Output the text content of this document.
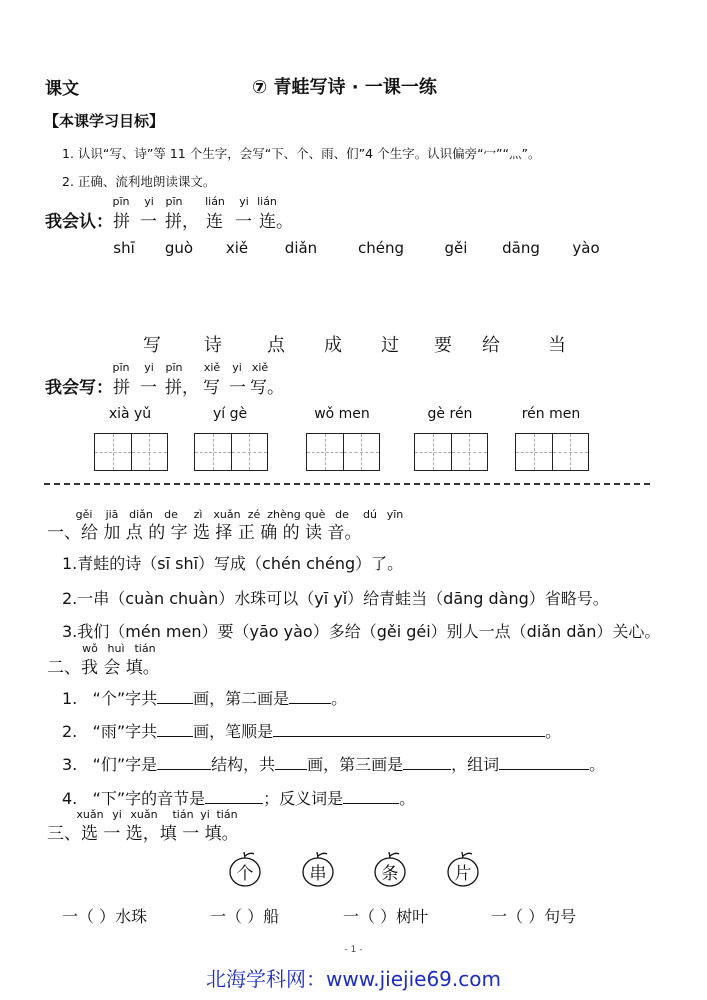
课文	⑦ 青蛙写诗 · 一课一练
【本课学习目标】
1. 认识“写、诗”等 11 个生字，会写“下、个、雨、们”4 个生字。认识偏旁“冖”“灬”。
2. 正确、流利地朗读课文。
pīn	yi	pīn	lián	yi lián
我会认： 拼 一 拼， 连 一 连。
shī	guò	xiě	diǎn	chéng	gěi	dāng	yào
写 诗	点 成 过 要 给	当
pīn	yi	pīn	xiě	yi xiě
我会写： 拼 一 拼， 写 一 写。
xià yǔ	yí gè	wǒ men	gè rén	rén men
gěi	jiā diǎn	de	zì xuǎn zé zhèng què de	dú yīn
一、给 加 点 的 字 选 择 正 确 的 读 音。
1.青蛙的诗（sī shī）写成（chén chéng）了。
2.一串（cuàn chuàn）水珠可以（yī yǐ）给青蛙当（dāng dàng）省略号。
3.我们（mén men）要（yāo yào）多给（gěi géi）别人一点（diǎn dǎn）关心。
wǒ huì tián
二、我 会 填。
1. “个”字共 画，第二画是	。
2. “雨”字共 画，笔顺是	。
3. “们”字是	结构，共 画，第三画是	，组词	。
4. “下”字的音节是	；反义词是	。
xuǎn yi xuǎn	tián yi tián
三、选 一 选，填 一 填。
个	串	条	片
一（ ）水珠	一（ ）船	一（ ）树叶	一（ ）句号
- 1 -
北海学科网：www.jiejie69.com
